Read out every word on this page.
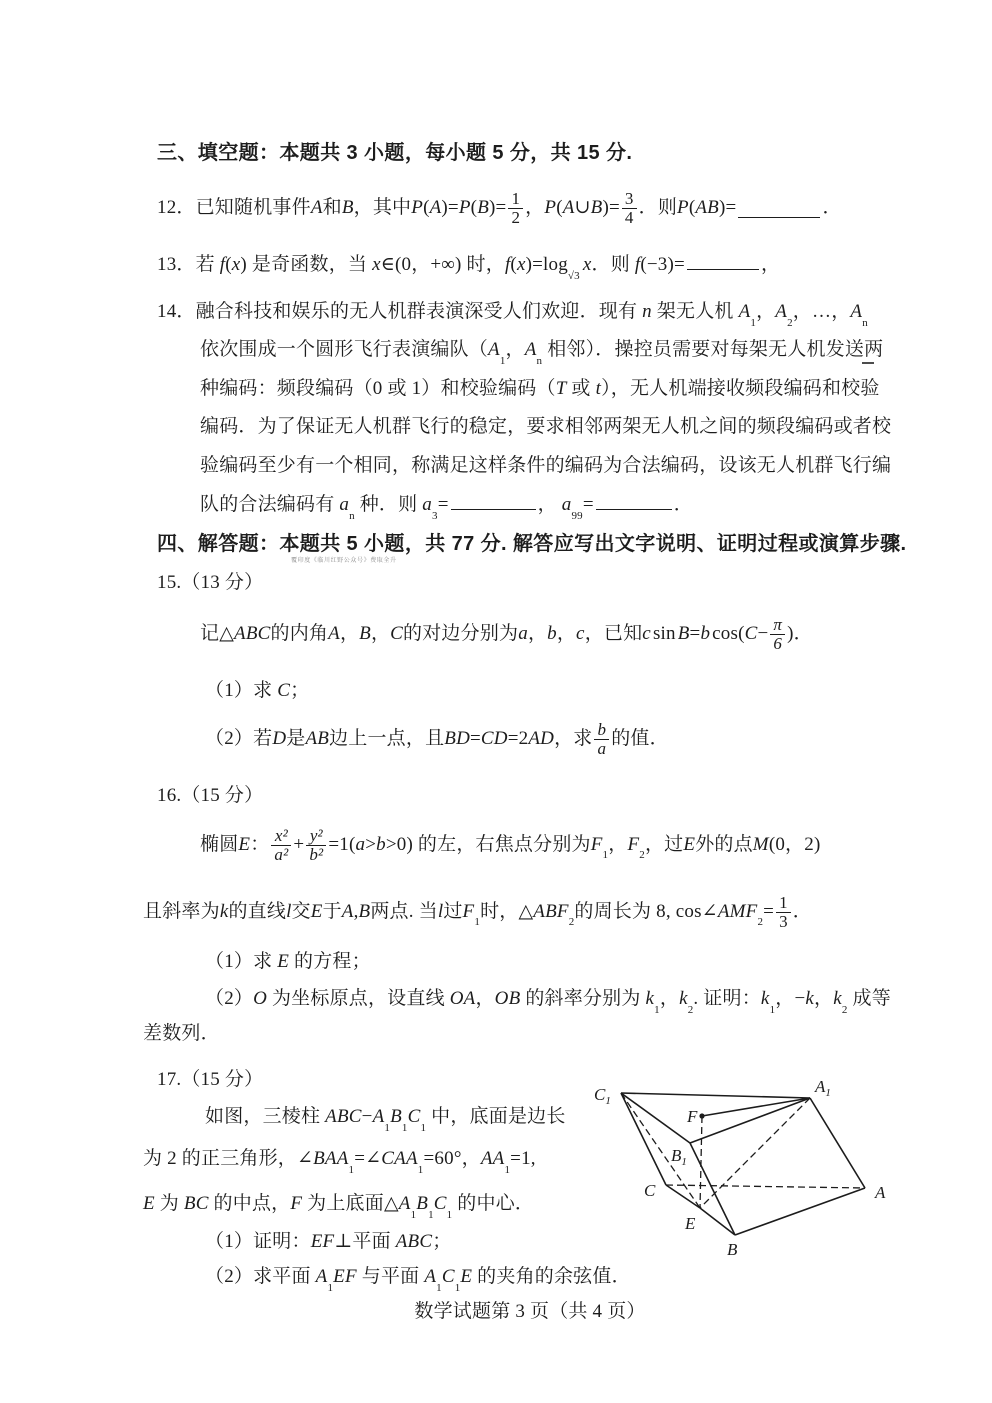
三、填空题：本题共 3 小题，每小题 5 分，共 15 分.
12．已知随机事件 A 和 B ，其中 P ( A )= P ( B )= $\frac{1}{2}$ ， P ( A ∪ B )= $\frac{3}{4}$ ．则 P ( AB )=	．
13．若 f(x) 是奇函数，当 x∈(0，+∞) 时，$f(x)=\log_{√3}x$．则 f(−3)=	，
14．融合科技和娱乐的无人机群表演深受人们欢迎．现有 n 架无人机 $A_1$，$A_2$，…，$A_n$
依次围成一个圆形飞行表演编队（$A_1$，$A_n$ 相邻）．操控员需要对每架无人机发送两
种编码：频段编码（0 或 1）和校验编码（T 或 t），无人机端接收频段编码和校验
编码．为了保证无人机群飞行的稳定，要求相邻两架无人机之间的频段编码或者校
验编码至少有一个相同，称满足这样条件的编码为合法编码，设该无人机群飞行编
队的合法编码有 $a_n$ 种．则 $a_3=$	， $a_{99}=$	．
四、解答题：本题共 5 小题，共 77 分. 解答应写出文字说明、证明过程或演算步骤.
覆印度《临川红野公众号》费取全升
15.（13 分）
记△ ABC 的内角 A ， B ， C 的对边分别为 a ， b ， c ，已知 c sin B = b cos( $C - \frac{\pi}{6}$ )．
（1）求 C；
（2）若 D 是 AB 边上一点，且 BD = CD =2 AD ，求 $\frac{b}{a}$ 的值．
16.（15 分）
椭圆 E ： $\frac{\text{x²}}{\text{a²}} + \frac{\text{y²}}{\text{b²}} =1$( a > b >0) 的左，右焦点分别为 $F_1$
， $F_2$
，过 E 外的点 M (0，2)
且斜率为 k 的直线 l 交 E 于 A , B 两点. 当 l 过 $F_1$
时，△ $ABF_2$
的周长为 8, cos∠ $AMF_2$
= $\frac{1}{3}$ ．
（1）求 E 的方程；
（2）O 为坐标原点，设直线 OA，OB 的斜率分别为 $k_1$，$k_2$. 证明：$k_1$，−k，$k_2$ 成等
差数列．
17.（15 分）
如图，三棱柱 $ABC-A_1B_1C_1$ 中，底面是边长
为 2 的正三角形，$\angle BAA_1=\angle CAA_1=60^\circ$，$AA_1=1$,
E 为 BC 的中点，F 为上底面$\triangle A_1B_1C_1$ 的中心．
（1）证明：EF⊥平面 ABC；
（2）求平面 $A_1EF$ 与平面 $A_1C_1E$ 的夹角的余弦值．
$C_1$
$A_1$
F
$B_1$
C	A
E
B
数学试题第 3 页（共 4 页）
